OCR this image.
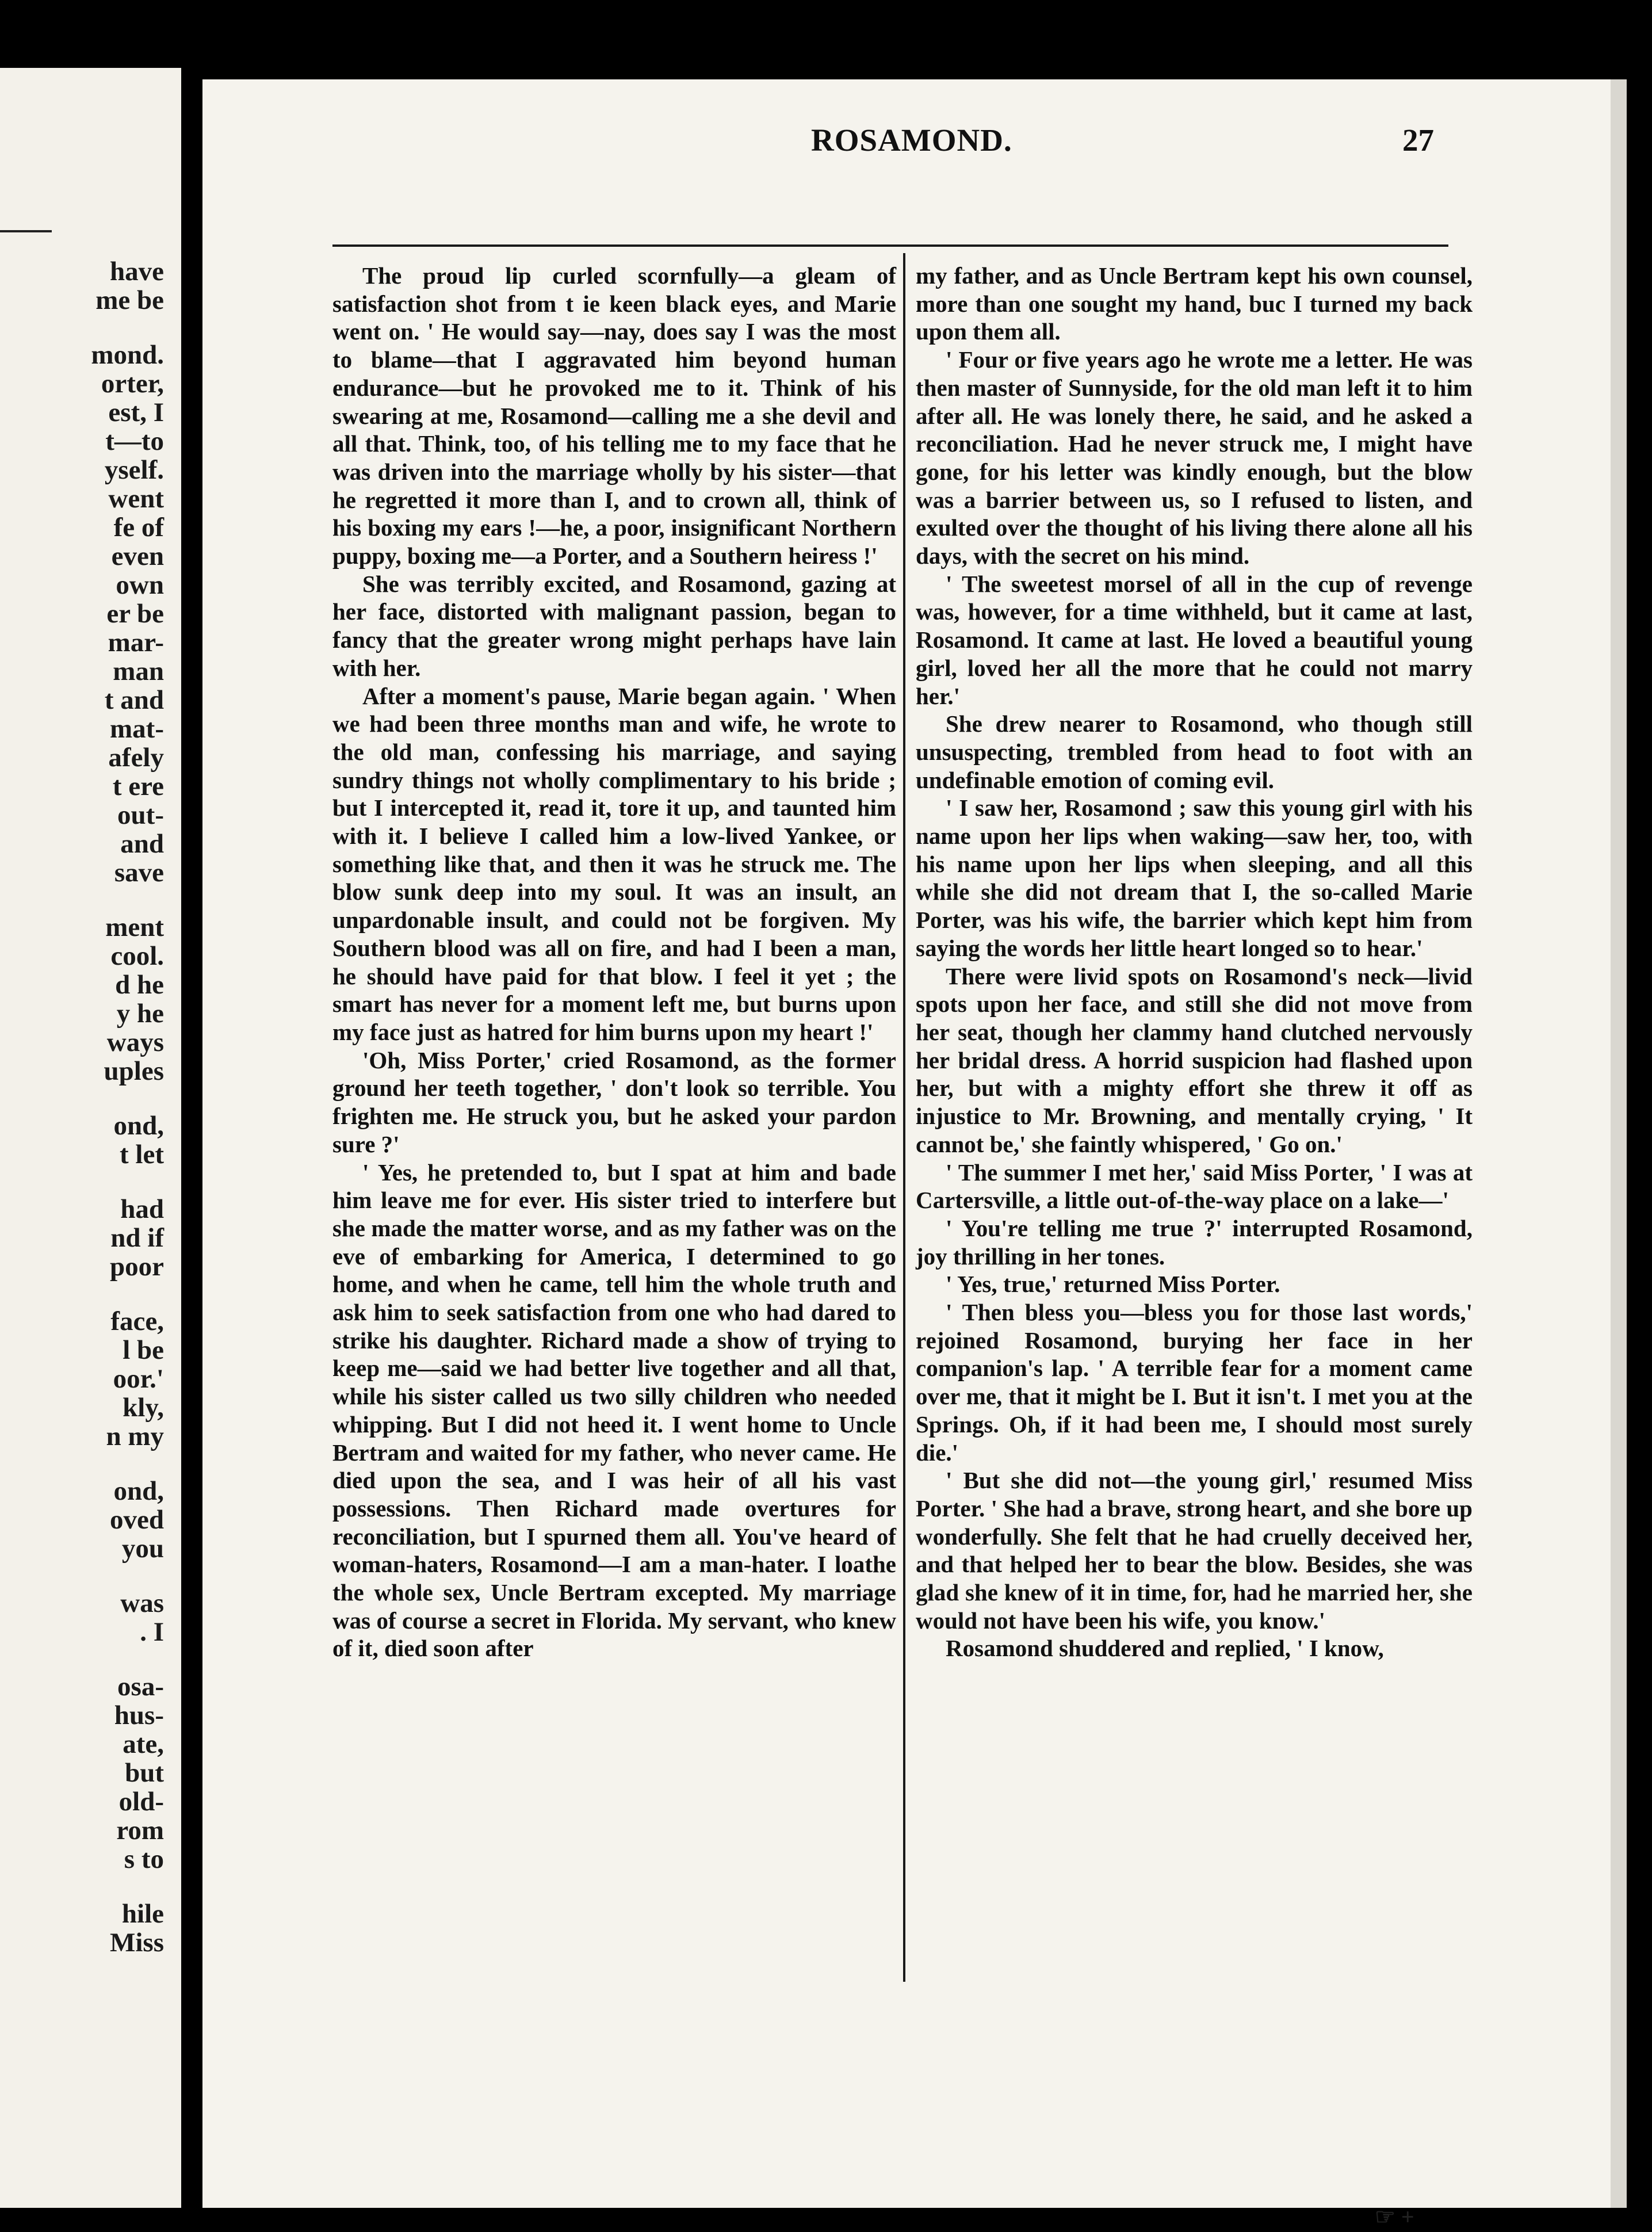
have
me be
mond.
orter,
est, I
t—to
yself.
went
fe of
even
own
er be
mar-
man
t and
mat-
afely
t ere
out-
and
save
ment
cool.
d he
y he
ways
uples
ond,
t let
had
nd if
poor
face,
l be
oor.'
kly,
n my
ond,
oved
you
was
. I
osa-
hus-
ate,
but
old-
rom
s to
hile
Miss
ROSAMOND.	27

The proud lip curled scornfully—a gleam of satisfaction shot from t ie keen black eyes, and Marie went on. ' He would say—nay, does say I was the most to blame—that I aggravated him beyond human endurance—but he provoked me to it. Think of his swearing at me, Rosamond—calling me a she devil and all that. Think, too, of his telling me to my face that he was driven into the marriage wholly by his sister—that he regretted it more than I, and to crown all, think of his boxing my ears !—he, a poor, insignificant Northern puppy, boxing me—a Porter, and a Southern heiress !'

She was terribly excited, and Rosamond, gazing at her face, distorted with malignant passion, began to fancy that the greater wrong might perhaps have lain with her.

After a moment's pause, Marie began again. ' When we had been three months man and wife, he wrote to the old man, confessing his marriage, and saying sundry things not wholly complimentary to his bride ; but I intercepted it, read it, tore it up, and taunted him with it. I believe I called him a low-lived Yankee, or something like that, and then it was he struck me. The blow sunk deep into my soul. It was an insult, an unpardonable insult, and could not be forgiven. My Southern blood was all on fire, and had I been a man, he should have paid for that blow. I feel it yet ; the smart has never for a moment left me, but burns upon my face just as hatred for him burns upon my heart !'

'Oh, Miss Porter,' cried Rosamond, as the former ground her teeth together, ' don't look so terrible. You frighten me. He struck you, but he asked your pardon sure ?'

' Yes, he pretended to, but I spat at him and bade him leave me for ever. His sister tried to interfere but she made the matter worse, and as my father was on the eve of embarking for America, I determined to go home, and when he came, tell him the whole truth and ask him to seek satisfaction from one who had dared to strike his daughter. Richard made a show of trying to keep me—said we had better live together and all that, while his sister called us two silly children who needed whipping. But I did not heed it. I went home to Uncle Bertram and waited for my father, who never came. He died upon the sea, and I was heir of all his vast possessions. Then Richard made overtures for reconciliation, but I spurned them all. You've heard of woman-haters, Rosamond—I am a man-hater. I loathe the whole sex, Uncle Bertram excepted. My marriage was of course a secret in Florida. My servant, who knew of it, died soon after

my father, and as Uncle Bertram kept his own counsel, more than one sought my hand, buc I turned my back upon them all.

' Four or five years ago he wrote me a letter. He was then master of Sunnyside, for the old man left it to him after all. He was lonely there, he said, and he asked a reconciliation. Had he never struck me, I might have gone, for his letter was kindly enough, but the blow was a barrier between us, so I refused to listen, and exulted over the thought of his living there alone all his days, with the secret on his mind.

' The sweetest morsel of all in the cup of revenge was, however, for a time withheld, but it came at last, Rosamond. It came at last. He loved a beautiful young girl, loved her all the more that he could not marry her.'

She drew nearer to Rosamond, who though still unsuspecting, trembled from head to foot with an undefinable emotion of coming evil.

' I saw her, Rosamond ; saw this young girl with his name upon her lips when waking—saw her, too, with his name upon her lips when sleeping, and all this while she did not dream that I, the so-called Marie Porter, was his wife, the barrier which kept him from saying the words her little heart longed so to hear.'

There were livid spots on Rosamond's neck—livid spots upon her face, and still she did not move from her seat, though her clammy hand clutched nervously her bridal dress. A horrid suspicion had flashed upon her, but with a mighty effort she threw it off as injustice to Mr. Browning, and mentally crying, ' It cannot be,' she faintly whispered, ' Go on.'

' The summer I met her,' said Miss Porter, ' I was at Cartersville, a little out-of-the-way place on a lake—'

' You're telling me true ?' interrupted Rosamond, joy thrilling in her tones.

' Yes, true,' returned Miss Porter.

' Then bless you—bless you for those last words,' rejoined Rosamond, burying her face in her companion's lap. ' A terrible fear for a moment came over me, that it might be I. But it isn't. I met you at the Springs. Oh, if it had been me, I should most surely die.'

' But she did not—the young girl,' resumed Miss Porter. ' She had a brave, strong heart, and she bore up wonderfully. She felt that he had cruelly deceived her, and that helped her to bear the blow. Besides, she was glad she knew of it in time, for, had he married her, she would not have been his wife, you know.'

Rosamond shuddered and replied, ' I know,

☞ +
